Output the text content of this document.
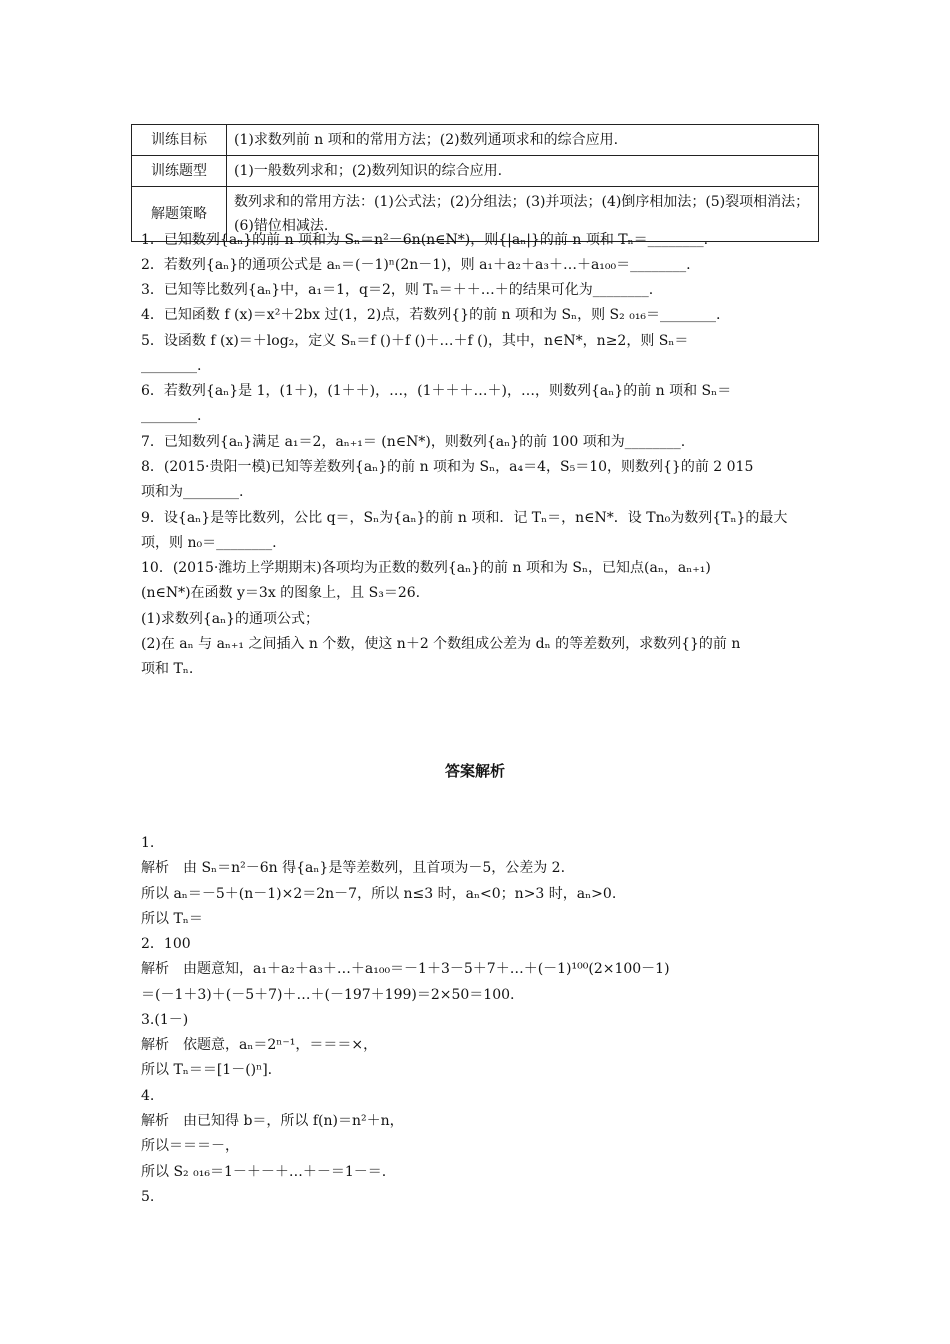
训练目标	(1)求数列前 n 项和的常用方法；(2)数列通项求和的综合应用.
训练题型	(1)一般数列求和；(2)数列知识的综合应用.
解题策略	数列求和的常用方法：(1)公式法；(2)分组法；(3)并项法；(4)倒序相加法；(5)裂项相消法；(6)错位相减法.
1．已知数列{aₙ}的前 n 项和为 Sₙ＝n²－6n(n∈N*)，则{|aₙ|}的前 n 项和 Tₙ＝________.
2．若数列{aₙ}的通项公式是 aₙ＝(－1)ⁿ(2n－1)，则 a₁＋a₂＋a₃＋…＋a₁₀₀＝________.
3．已知等比数列{aₙ}中，a₁＝1，q＝2，则 Tₙ＝＋＋…＋的结果可化为________.
4．已知函数 f (x)＝x²＋2bx 过(1，2)点，若数列{}的前 n 项和为 Sₙ，则 S₂ ₀₁₆＝________.
5．设函数 f (x)＝＋log₂，定义 Sₙ＝f ()＋f ()＋…＋f ()，其中，n∈N*，n≥2，则 Sₙ＝
________.
6．若数列{aₙ}是 1，(1＋)，(1＋＋)，…，(1＋＋＋…＋)，…，则数列{aₙ}的前 n 项和 Sₙ＝
________.
7．已知数列{aₙ}满足 a₁＝2，aₙ₊₁＝ (n∈N*)，则数列{aₙ}的前 100 项和为________.
8．(2015·贵阳一模)已知等差数列{aₙ}的前 n 项和为 Sₙ，a₄＝4，S₅＝10，则数列{}的前 2 015
项和为________.
9．设{aₙ}是等比数列，公比 q＝，Sₙ为{aₙ}的前 n 项和．记 Tₙ＝，n∈N*．设 Tn₀为数列{Tₙ}的最大
项，则 n₀＝________.
10．(2015·潍坊上学期期末)各项均为正数的数列{aₙ}的前 n 项和为 Sₙ，已知点(aₙ，aₙ₊₁)
(n∈N*)在函数 y＝3x 的图象上，且 S₃＝26.
(1)求数列{aₙ}的通项公式；
(2)在 aₙ 与 aₙ₊₁ 之间插入 n 个数，使这 n＋2 个数组成公差为 dₙ 的等差数列，求数列{}的前 n
项和 Tₙ.
答案解析
1.
解析　由 Sₙ＝n²－6n 得{aₙ}是等差数列，且首项为－5，公差为 2.
所以 aₙ＝－5＋(n－1)×2＝2n－7，所以 n≤3 时，aₙ<0；n>3 时，aₙ>0.
所以 Tₙ＝
2．100
解析　由题意知，a₁＋a₂＋a₃＋…＋a₁₀₀＝－1＋3－5＋7＋…＋(－1)¹⁰⁰(2×100－1)
＝(－1＋3)＋(－5＋7)＋…＋(－197＋199)＝2×50＝100.
3.(1－)
解析　依题意，aₙ＝2ⁿ⁻¹，＝＝＝×，
所以 Tₙ＝＝[1－()ⁿ].
4.
解析　由已知得 b＝，所以 f(n)＝n²＋n，
所以＝＝＝－，
所以 S₂ ₀₁₆＝1－＋－＋…＋－＝1－＝.
5.
